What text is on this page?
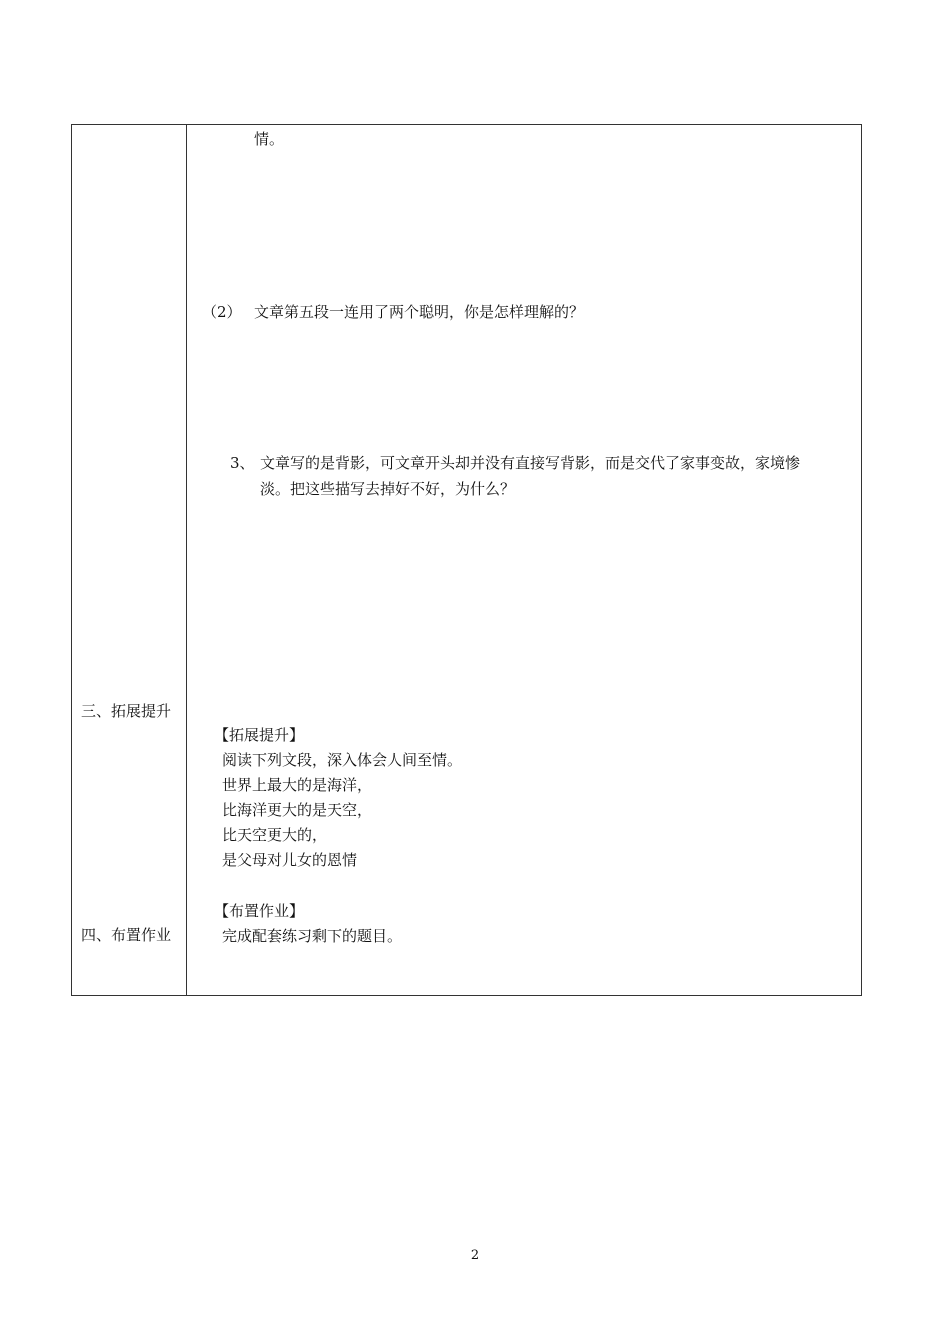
三、拓展提升
四、布置作业
情。
（2） 文章第五段一连用了两个聪明，你是怎样理解的？
3、 文章写的是背影，可文章开头却并没有直接写背影，而是交代了家事变故，家境惨
淡。把这些描写去掉好不好，为什么？
【拓展提升】
阅读下列文段，深入体会人间至情。
世界上最大的是海洋，
比海洋更大的是天空，
比天空更大的，
是父母对儿女的恩情
【布置作业】
完成配套练习剩下的题目。
2
